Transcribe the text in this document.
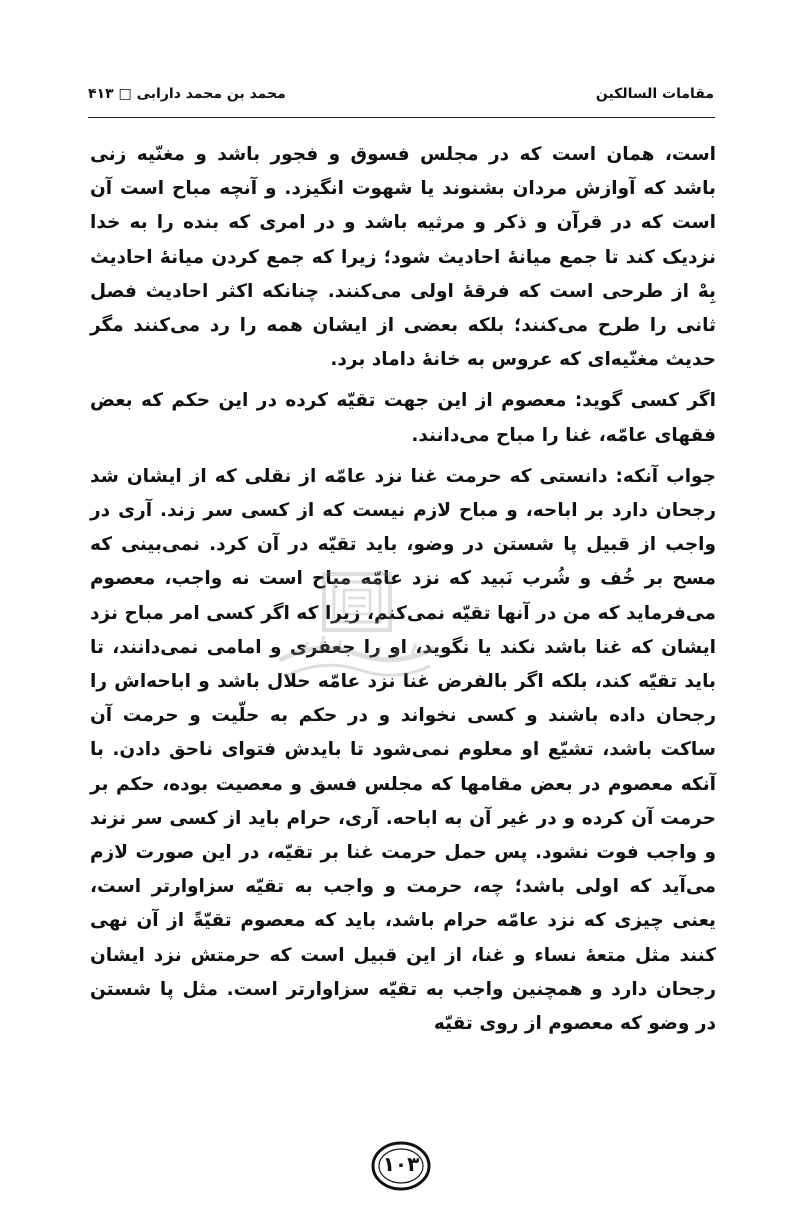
مقامات السالکین
محمد بن محمد دارابی □ ۴۱۳

است، همان است که در مجلس فسوق و فجور باشد و مغنّیه زنی باشد که آوازش مردان بشنوند یا شهوت انگیزد. و آنچه مباح است آن است که در قرآن و ذکر و مرثیه باشد و در امری که بنده را به خدا نزدیک کند تا جمع میانهٔ احادیث شود؛ زیرا که جمع کردن میانهٔ احادیث بِهْ از طرحی است که فرقهٔ اولی می‌کنند. چنانکه اکثر احادیث فصل ثانی را طرح می‌کنند؛ بلکه بعضی از ایشان همه را رد می‌کنند مگر حدیث مغنّیه‌ای که عروس به خانهٔ داماد برد.

اگر کسی گوید: معصوم از این جهت تقیّه کرده در این حکم که بعض فقهای عامّه، غنا را مباح می‌دانند.

جواب آنکه: دانستی که حرمت غنا نزد عامّه از نقلی که از ایشان شد رجحان دارد بر اباحه، و مباح لازم نیست که از کسی سر زند. آری در واجب از قبیل پا شستن در وضو، باید تقیّه در آن کرد. نمی‌بینی که مسح بر خُف و شُرب نَبید که نزد عامّه مباح است نه واجب، معصوم می‌فرماید که من در آنها تقیّه نمی‌کنم، زیرا که اگر کسی امر مباح نزد ایشان که غنا باشد نکند یا نگوید، او را جعفری و امامی نمی‌دانند، تا باید تقیّه کند، بلکه اگر بالفرض غنا نزد عامّه حلال باشد و اباحه‌اش را رجحان داده باشند و کسی نخواند و در حکم به حلّیت و حرمت آن ساکت باشد، تشیّع او معلوم نمی‌شود تا بایدش فتوای ناحق دادن. با آنکه معصوم در بعض مقامها که مجلس فسق و معصیت بوده، حکم بر حرمت آن کرده و در غیر آن به اباحه. آری، حرام باید از کسی سر نزند و واجب فوت نشود. پس حمل حرمت غنا بر تقیّه، در این صورت لازم می‌آید که اولی باشد؛ چه، حرمت و واجب به تقیّه سزاوارتر است، یعنی چیزی که نزد عامّه حرام باشد، باید که معصوم تقیّةً از آن نهی کنند مثل متعهٔ نساء و غنا، از این قبیل است که حرمتش نزد ایشان رجحان دارد و همچنین واجب به تقیّه سزاوارتر است. مثل پا شستن در وضو که معصوم از روی تقیّه

۱۰۳
